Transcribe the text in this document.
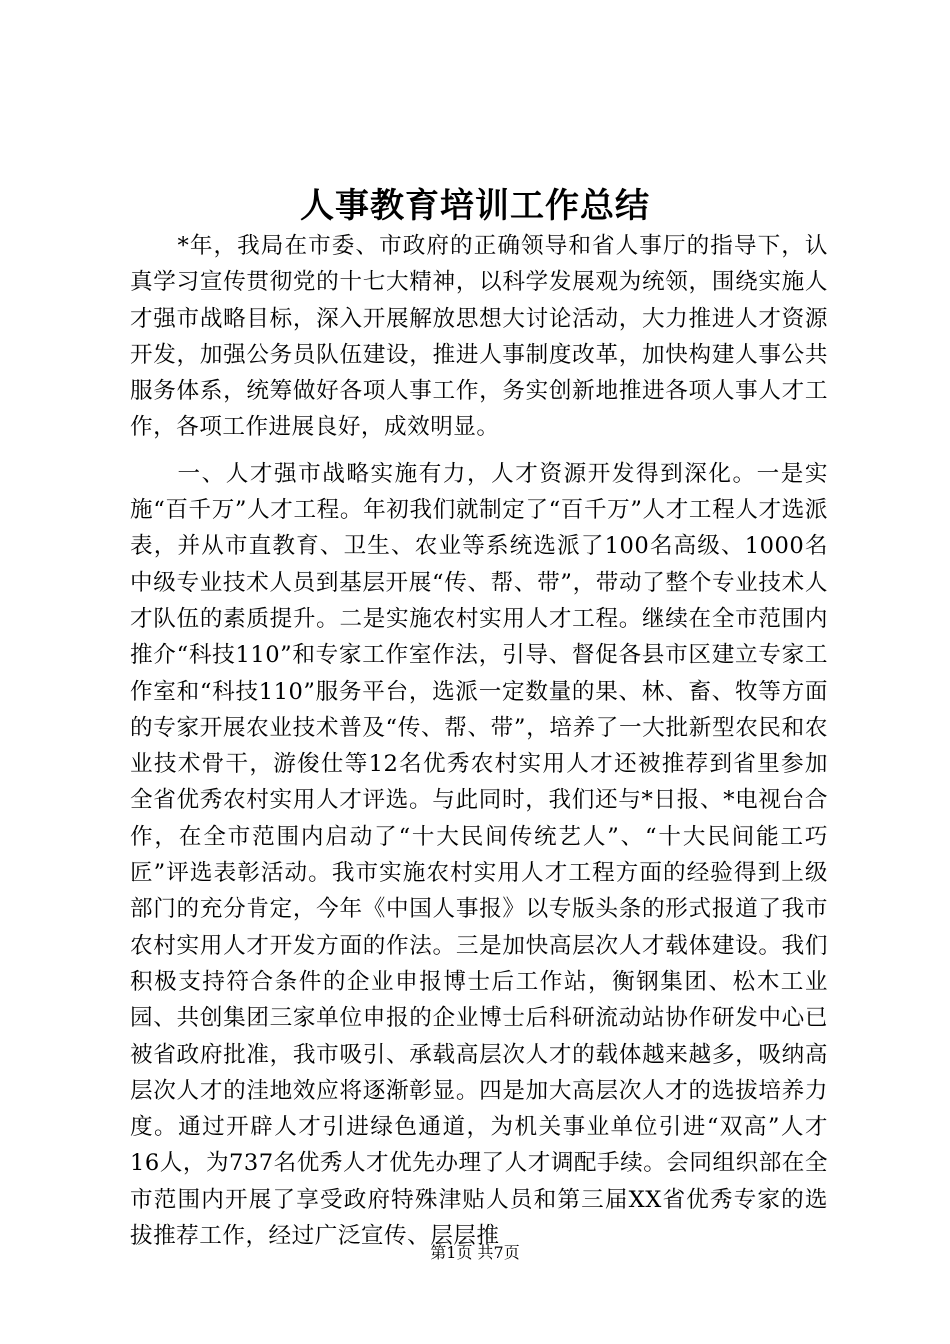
人事教育培训工作总结

*年，我局在市委、市政府的正确领导和省人事厅的指导下，认真学习宣传贯彻党的十七大精神，以科学发展观为统领，围绕实施人才强市战略目标，深入开展解放思想大讨论活动，大力推进人才资源开发，加强公务员队伍建设，推进人事制度改革，加快构建人事公共服务体系，统筹做好各项人事工作，务实创新地推进各项人事人才工作，各项工作进展良好，成效明显。

一、人才强市战略实施有力，人才资源开发得到深化。一是实施“百千万”人才工程。年初我们就制定了“百千万”人才工程人才选派表，并从市直教育、卫生、农业等系统选派了100名高级、1000名中级专业技术人员到基层开展“传、帮、带”，带动了整个专业技术人才队伍的素质提升。二是实施农村实用人才工程。继续在全市范围内推介“科技110”和专家工作室作法，引导、督促各县市区建立专家工作室和“科技110”服务平台，选派一定数量的果、林、畜、牧等方面的专家开展农业技术普及“传、帮、带”，培养了一大批新型农民和农业技术骨干，游俊仕等12名优秀农村实用人才还被推荐到省里参加全省优秀农村实用人才评选。与此同时，我们还与*日报、*电视台合作，在全市范围内启动了“十大民间传统艺人”、“十大民间能工巧匠”评选表彰活动。我市实施农村实用人才工程方面的经验得到上级部门的充分肯定，今年《中国人事报》以专版头条的形式报道了我市农村实用人才开发方面的作法。三是加快高层次人才载体建设。我们积极支持符合条件的企业申报博士后工作站，衡钢集团、松木工业园、共创集团三家单位申报的企业博士后科研流动站协作研发中心已被省政府批准，我市吸引、承载高层次人才的载体越来越多，吸纳高层次人才的洼地效应将逐渐彰显。四是加大高层次人才的选拔培养力度。通过开辟人才引进绿色通道，为机关事业单位引进“双高”人才16人，为737名优秀人才优先办理了人才调配手续。会同组织部在全市范围内开展了享受政府特殊津贴人员和第三届XX省优秀专家的选拔推荐工作，经过广泛宣传、层层推

第1页 共7页
